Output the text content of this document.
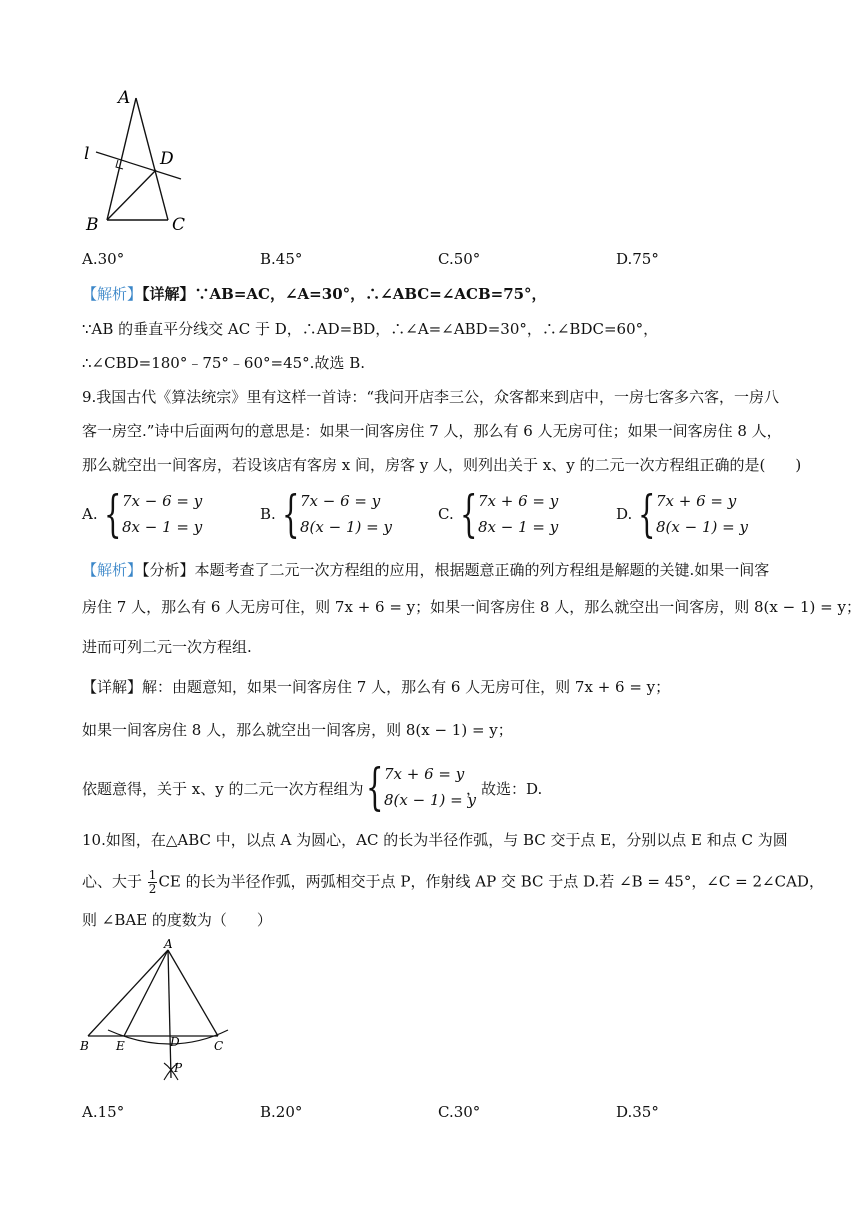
A
l	D
B	C
A.30°	B.45°	C.50°	D.75°
【解析】【详解】∵AB=AC，∠A=30°，∴∠ABC=∠ACB=75°，
∵AB 的垂直平分线交 AC 于 D，∴AD=BD，∴∠A=∠ABD=30°，∴∠BDC=60°，
∴∠CBD=180°﹣75°﹣60°=45°.故选 B.
9.我国古代《算法统宗》里有这样一首诗：“我问开店李三公，众客都来到店中，一房七客多六客，一房八
客一房空.”诗中后面两句的意思是：如果一间客房住 7 人，那么有 6 人无房可住；如果一间客房住 8 人，
那么就空出一间客房，若设该店有客房 x 间，房客 y 人，则列出关于 x、y 的二元一次方程组正确的是(　　)
A. { 7x − 6 = y
8x − 1 = y
B. { 7x − 6 = y
8(x − 1) = y
C. { 7x + 6 = y
8x − 1 = y
D. { 7x + 6 = y
8(x − 1) = y
【解析】【分析】本题考查了二元一次方程组的应用，根据题意正确的列方程组是解题的关键.如果一间客
房住 7 人，那么有 6 人无房可住，则 7x + 6 = y；如果一间客房住 8 人，那么就空出一间客房，则 8(x − 1) = y；
进而可列二元一次方程组.
【详解】解：由题意知，如果一间客房住 7 人，那么有 6 人无房可住，则 7x + 6 = y；
如果一间客房住 8 人，那么就空出一间客房，则 8(x − 1) = y；
依题意得，关于 x、y 的二元一次方程组为 { 7x + 6 = y
8(x − 1) = y
，故选：D.
10.如图，在△ABC 中，以点 A 为圆心，AC 的长为半径作弧，与 BC 交于点 E，分别以点 E 和点 C 为圆
心、大于 $\frac{1}{2}$ CE 的长为半径作弧，两弧相交于点 P，作射线 AP 交 BC 于点 D.若 ∠B = 45°，∠C = 2∠CAD，
则 ∠BAE 的度数为（　　）
A
B E	D	C
P
A.15°	B.20°	C.30°	D.35°
